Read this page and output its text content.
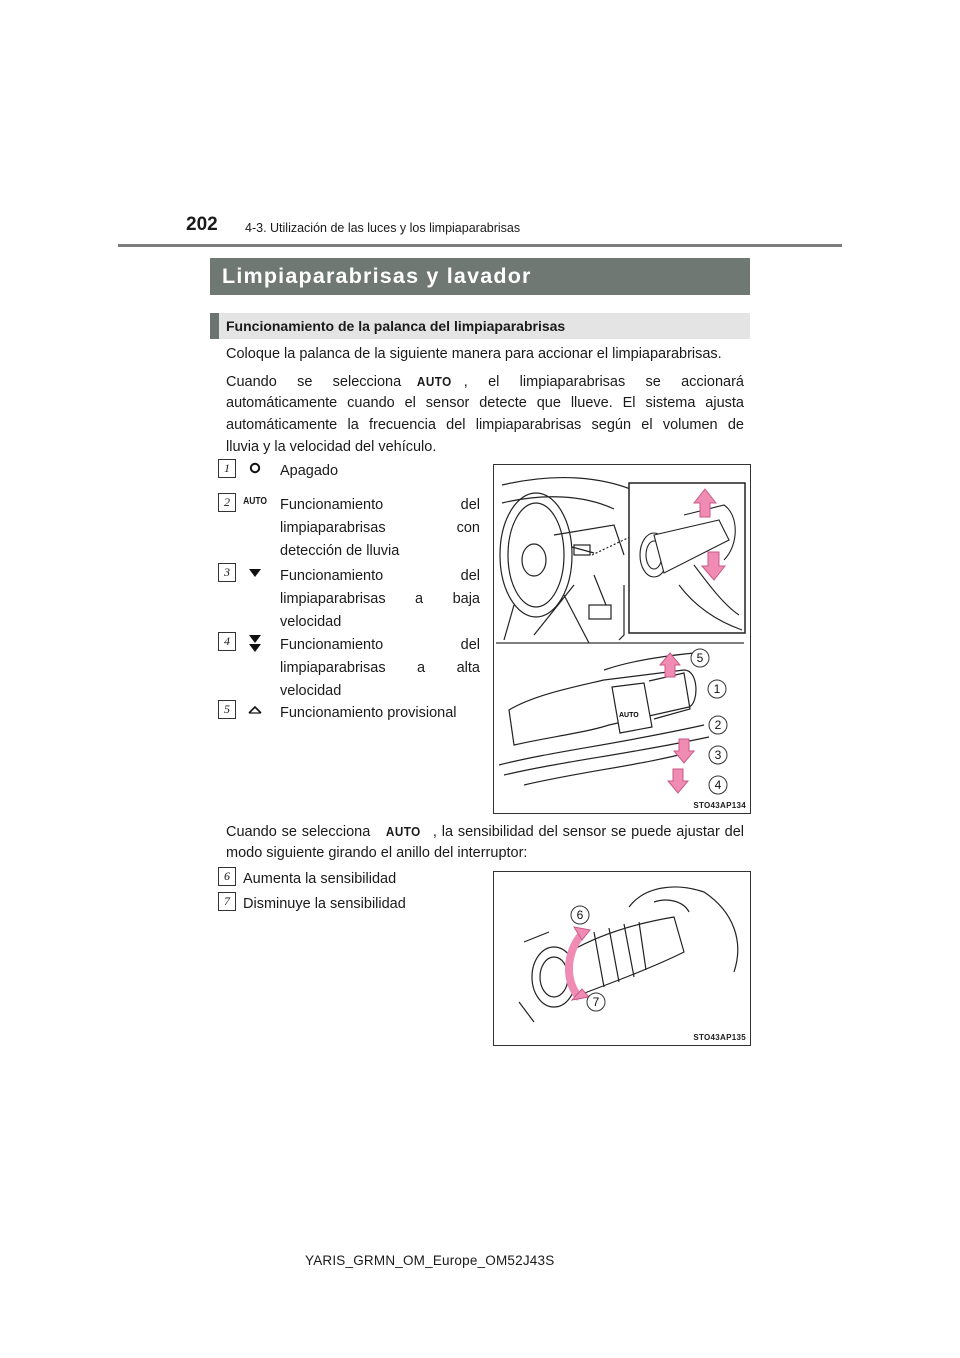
202 4-3. Utilización de las luces y los limpiaparabrisas
Limpiaparabrisas y lavador
Funcionamiento de la palanca del limpiaparabrisas
Coloque la palanca de la siguiente manera para accionar el limpiaparabrisas.
Cuando se selecciona AUTO , el limpiaparabrisas se accionará
automáticamente cuando el sensor detecte que llueve. El sistema ajusta
automáticamente la frecuencia del limpiaparabrisas según el volumen de
lluvia y la velocidad del vehículo.
1	Apagado
2	AUTO Funcionamiento del
limpiaparabrisas con
detección de lluvia
3	Funcionamiento del
limpiaparabrisas a baja
velocidad
4	Funcionamiento del
limpiaparabrisas a alta
velocidad
5	Funcionamiento provisional	AUTO
5
1
2
3
4
STO43AP134
Cuando se selecciona AUTO , la sensibilidad del sensor se puede ajustar del
modo siguiente girando el anillo del interruptor:
6 Aumenta la sensibilidad
7 Disminuye la sensibilidad
6
7
STO43AP135
YARIS_GRMN_OM_Europe_OM52J43S
